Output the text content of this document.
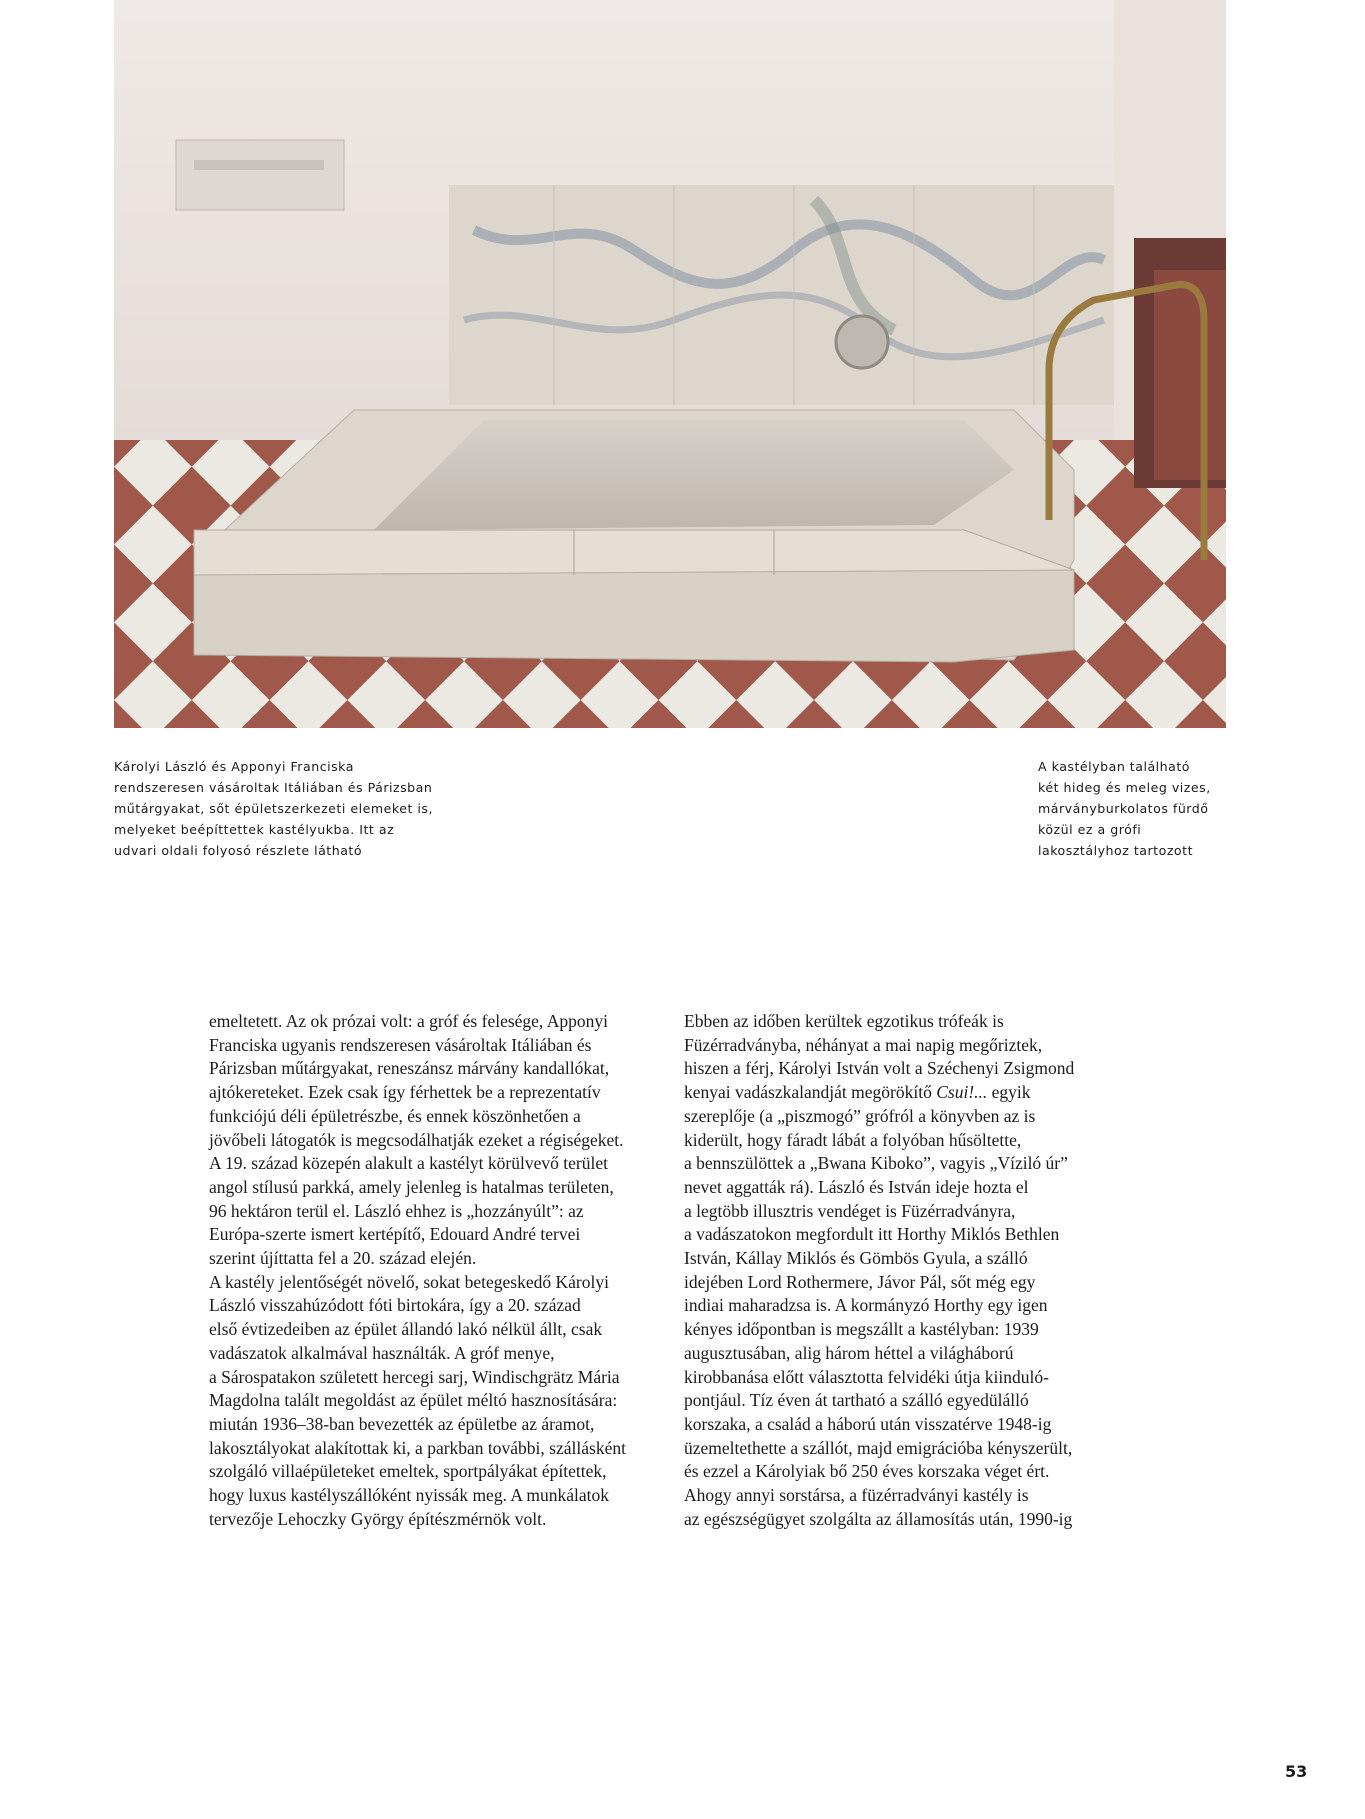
Károlyi László és Apponyi Franciska
rendszeresen vásároltak Itáliában és Párizsban
műtárgyakat, sőt épületszerkezeti elemeket is,
melyeket beépíttettek kastélyukba. Itt az
udvari oldali folyosó részlete látható
A kastélyban található
két hideg és meleg vizes,
márványburkolatos fürdő
közül ez a grófi
lakosztályhoz tartozott
emeltetett. Az ok prózai volt: a gróf és felesége, Apponyi
Franciska ugyanis rendszeresen vásároltak Itáliában és
Párizsban műtárgyakat, reneszánsz márvány kandallókat,
ajtókereteket. Ezek csak így férhettek be a reprezentatív
funkciójú déli épületrészbe, és ennek köszönhetően a
jövőbeli látogatók is megcsodálhatják ezeket a régiségeket.
A 19. század közepén alakult a kastélyt körülvevő terület
angol stílusú parkká, amely jelenleg is hatalmas területen,
96 hektáron terül el. László ehhez is „hozzányúlt”: az
Európa-szerte ismert kertépítő, Edouard André tervei
szerint újíttatta fel a 20. század elején.
A kastély jelentőségét növelő, sokat betegeskedő Károlyi
László visszahúzódott fóti birtokára, így a 20. század
első évtizedeiben az épület állandó lakó nélkül állt, csak
vadászatok alkalmával használták. A gróf menye,
a Sárospatakon született hercegi sarj, Windischgrätz Mária
Magdolna talált megoldást az épület méltó hasznosítására:
miután 1936–38-ban bevezették az épületbe az áramot,
lakosztályokat alakítottak ki, a parkban további, szállásként
szolgáló villaépületeket emeltek, sportpályákat építettek,
hogy luxus kastélyszállóként nyissák meg. A munkálatok
tervezője Lehoczky György építészmérnök volt.
Ebben az időben kerültek egzotikus trófeák is
Füzérradványba, néhányat a mai napig megőriztek,
hiszen a férj, Károlyi István volt a Széchenyi Zsigmond
kenyai vadászkalandját megörökítő Csui!... egyik
szereplője (a „piszmogó” grófról a könyvben az is
kiderült, hogy fáradt lábát a folyóban hűsöltette,
a bennszülöttek a „Bwana Kiboko”, vagyis „Víziló úr”
nevet aggatták rá). László és István ideje hozta el
a legtöbb illusztris vendéget is Füzérradványra,
a vadászatokon megfordult itt Horthy Miklós Bethlen
István, Kállay Miklós és Gömbös Gyula, a szálló
idejében Lord Rothermere, Jávor Pál, sőt még egy
indiai maharadzsa is. A kormányzó Horthy egy igen
kényes időpontban is megszállt a kastélyban: 1939
augusztusában, alig három héttel a világháború
kirobbanása előtt választotta felvidéki útja kiinduló-
pontjául. Tíz éven át tartható a szálló egyedülálló
korszaka, a család a háború után visszatérve 1948-ig
üzemeltethette a szállót, majd emigrációba kényszerült,
és ezzel a Károlyiak bő 250 éves korszaka véget ért.
Ahogy annyi sorstársa, a füzérradványi kastély is
az egészségügyet szolgálta az államosítás után, 1990-ig
53
